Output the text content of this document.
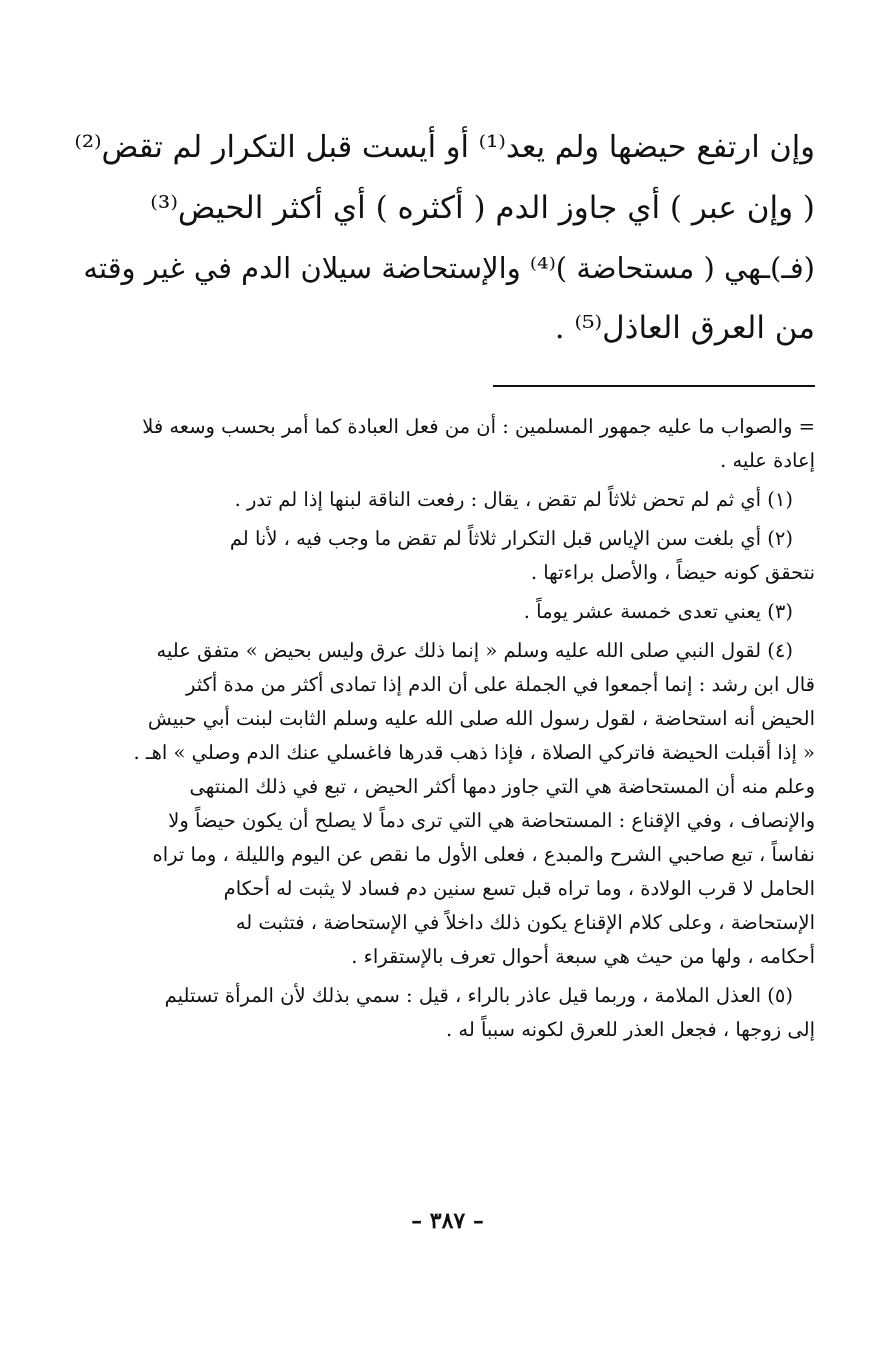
وإن ارتفع حيضها ولم يعد⁽¹⁾ أو أيست قبل التكرار لم تقض⁽²⁾
( وإن عبر ) أي جاوز الدم ( أكثره ) أي أكثر الحيض⁽³⁾
(فـ)ـهي ( مستحاضة )⁽⁴⁾ والإستحاضة سيلان الدم في غير وقته
من العرق العاذل⁽⁵⁾ .
= والصواب ما عليه جمهور المسلمين : أن من فعل العبادة كما أمر بحسب وسعه فلا
إعادة عليه .
(١) أي ثم لم تحض ثلاثاً لم تقض ، يقال : رفعت الناقة لبنها إذا لم تدر .
(٢) أي بلغت سن الإياس قبل التكرار ثلاثاً لم تقض ما وجب فيه ، لأنا لم
نتحقق كونه حيضاً ، والأصل براءتها .
(٣) يعني تعدى خمسة عشر يوماً .
(٤) لقول النبي صلى الله عليه وسلم « إنما ذلك عرق وليس بحيض » متفق عليه
قال ابن رشد : إنما أجمعوا في الجملة على أن الدم إذا تمادى أكثر من مدة أكثر
الحيض أنه استحاضة ، لقول رسول الله صلى الله عليه وسلم الثابت لبنت أبي حبيش
« إذا أقبلت الحيضة فاتركي الصلاة ، فإذا ذهب قدرها فاغسلي عنك الدم وصلي » اهـ .
وعلم منه أن المستحاضة هي التي جاوز دمها أكثر الحيض ، تبع في ذلك المنتهى
والإنصاف ، وفي الإقناع : المستحاضة هي التي ترى دماً لا يصلح أن يكون حيضاً ولا
نفاساً ، تبع صاحبي الشرح والمبدع ، فعلى الأول ما نقص عن اليوم والليلة ، وما تراه
الحامل لا قرب الولادة ، وما تراه قبل تسع سنين دم فساد لا يثبت له أحكام
الإستحاضة ، وعلى كلام الإقناع يكون ذلك داخلاً في الإستحاضة ، فتثبت له
أحكامه ، ولها من حيث هي سبعة أحوال تعرف بالإستقراء .
(٥) العذل الملامة ، وربما قيل عاذر بالراء ، قيل : سمي بذلك لأن المرأة تستليم
إلى زوجها ، فجعل العذر للعرق لكونه سبباً له .
– ٣٨٧ –
